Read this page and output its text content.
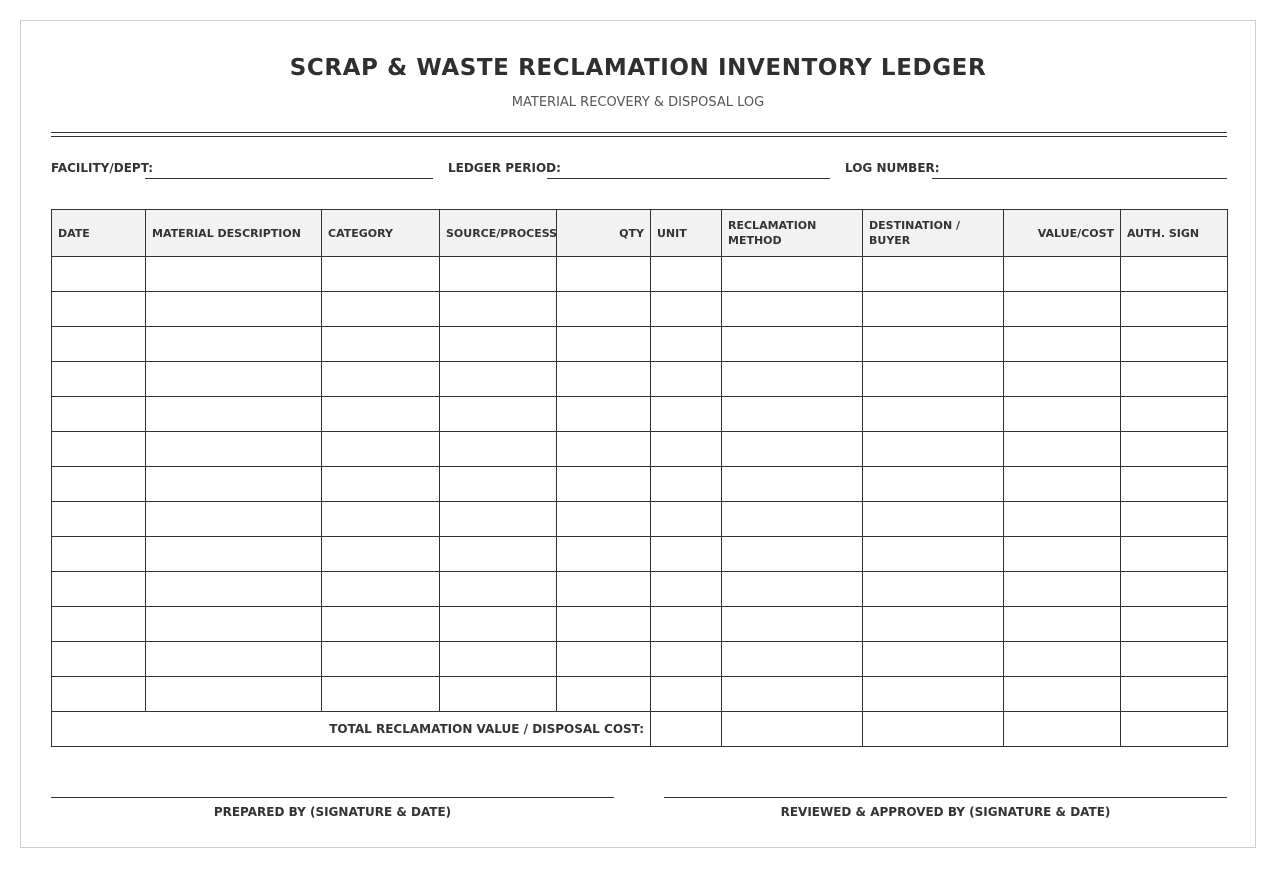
SCRAP & WASTE RECLAMATION INVENTORY LEDGER
MATERIAL RECOVERY & DISPOSAL LOG
FACILITY/DEPT:	LEDGER PERIOD:	LOG NUMBER:
DATE	MATERIAL DESCRIPTION	CATEGORY	SOURCE/PROCESS	QTY	UNIT	RECLAMATION METHOD	DESTINATION / BUYER	VALUE/COST	AUTH. SIGN

TOTAL RECLAMATION VALUE / DISPOSAL COST:									
PREPARED BY (SIGNATURE & DATE)	REVIEWED & APPROVED BY (SIGNATURE & DATE)
